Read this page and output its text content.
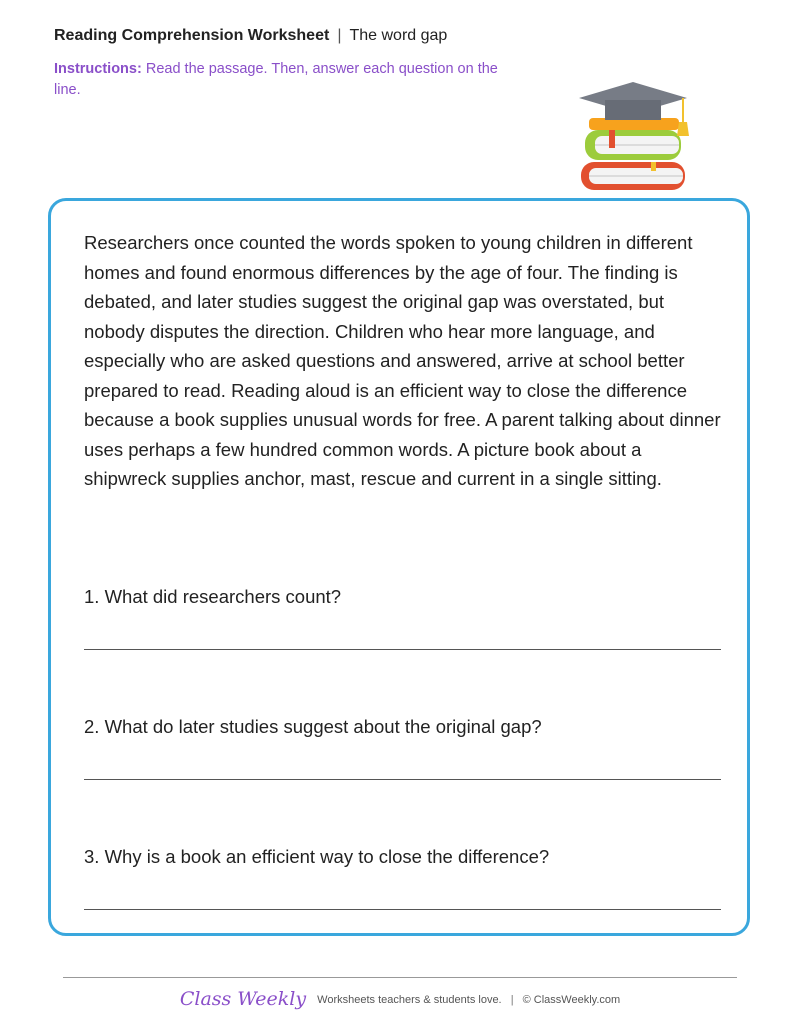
Reading Comprehension Worksheet | The word gap
Instructions: Read the passage. Then, answer each question on the line.

Researchers once counted the words spoken to young children in different homes and found enormous differences by the age of four. The finding is debated, and later studies suggest the original gap was overstated, but nobody disputes the direction. Children who hear more language, and especially who are asked questions and answered, arrive at school better prepared to read. Reading aloud is an efficient way to close the difference because a book supplies unusual words for free. A parent talking about dinner uses perhaps a few hundred common words. A picture book about a shipwreck supplies anchor, mast, rescue and current in a single sitting.

1. What did researchers count?
2. What do later studies suggest about the original gap?
3. Why is a book an efficient way to close the difference?
Class Weekly Worksheets teachers & students love. | © ClassWeekly.com
